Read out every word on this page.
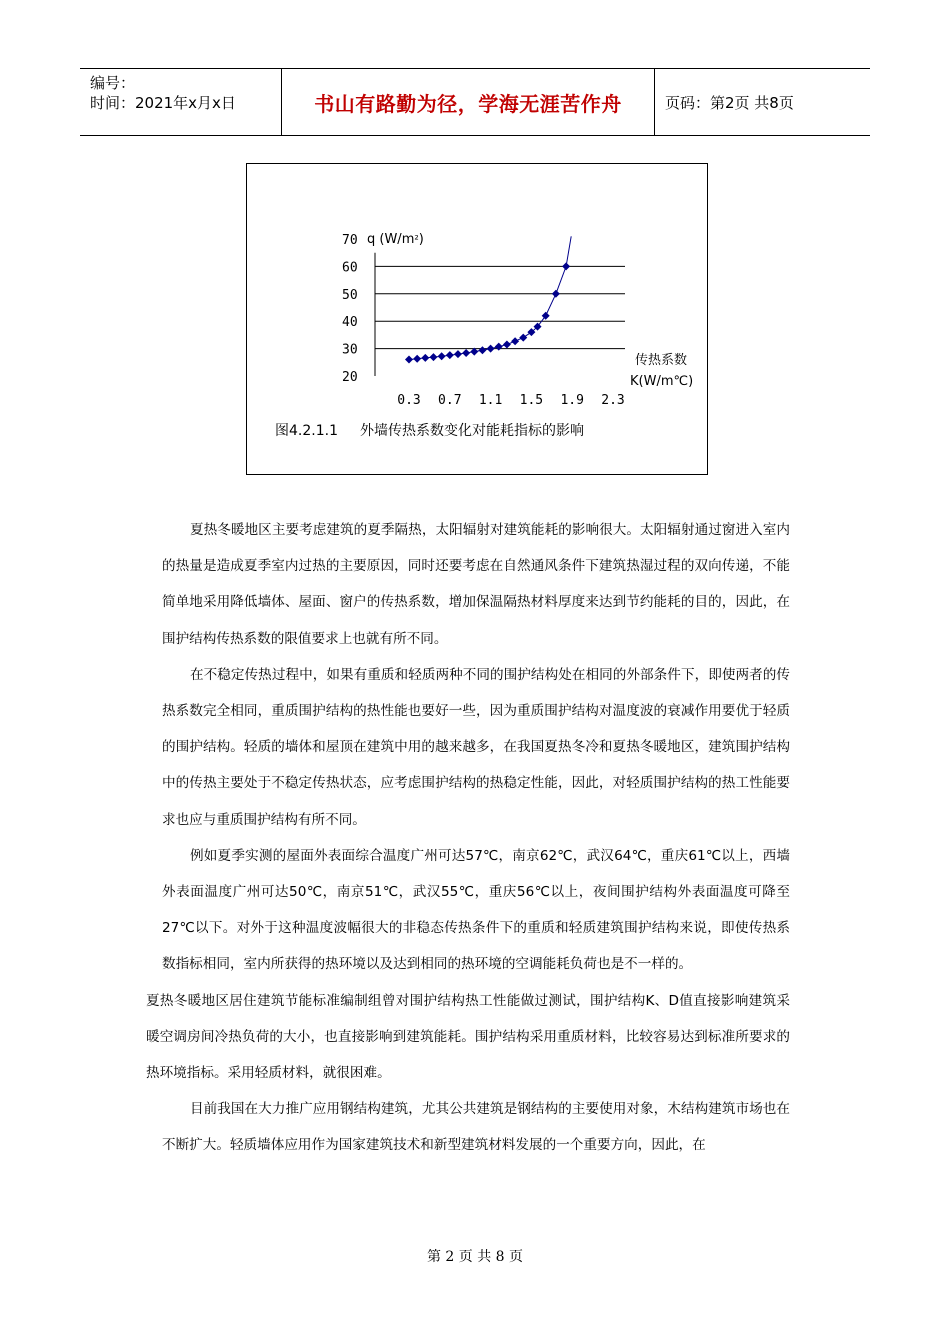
编号：
时间：2021年x月x日	书山有路勤为径，学海无涯苦作舟	页码：第2页 共8页
20
30
40
50
60
70
0.3 0.7 1.1 1.5 1.9 2.3
q (W/m²)
传热系数
K(W/m℃)
图4.2.1.1 外墙传热系数变化对能耗指标的影响

夏热冬暖地区主要考虑建筑的夏季隔热，太阳辐射对建筑能耗的影响很大。太阳辐射通过窗进入室内的热量是造成夏季室内过热的主要原因，同时还要考虑在自然通风条件下建筑热湿过程的双向传递，不能简单地采用降低墙体、屋面、窗户的传热系数，增加保温隔热材料厚度来达到节约能耗的目的，因此，在围护结构传热系数的限值要求上也就有所不同。

在不稳定传热过程中，如果有重质和轻质两种不同的围护结构处在相同的外部条件下，即使两者的传热系数完全相同，重质围护结构的热性能也要好一些，因为重质围护结构对温度波的衰减作用要优于轻质的围护结构。轻质的墙体和屋顶在建筑中用的越来越多，在我国夏热冬冷和夏热冬暖地区，建筑围护结构中的传热主要处于不稳定传热状态，应考虑围护结构的热稳定性能，因此，对轻质围护结构的热工性能要求也应与重质围护结构有所不同。

例如夏季实测的屋面外表面综合温度广州可达57℃，南京62℃，武汉64℃，重庆61℃以上，西墙外表面温度广州可达50℃，南京51℃，武汉55℃，重庆56℃以上，夜间围护结构外表面温度可降至27℃以下。对外于这种温度波幅很大的非稳态传热条件下的重质和轻质建筑围护结构来说，即使传热系数指标相同，室内所获得的热环境以及达到相同的热环境的空调能耗负荷也是不一样的。

夏热冬暖地区居住建筑节能标准编制组曾对围护结构热工性能做过测试，围护结构K、D值直接影响建筑采暖空调房间冷热负荷的大小，也直接影响到建筑能耗。围护结构采用重质材料，比较容易达到标准所要求的热环境指标。采用轻质材料，就很困难。

目前我国在大力推广应用钢结构建筑，尤其公共建筑是钢结构的主要使用对象，木结构建筑市场也在不断扩大。轻质墙体应用作为国家建筑技术和新型建筑材料发展的一个重要方向，因此，在

第 2 页 共 8 页
